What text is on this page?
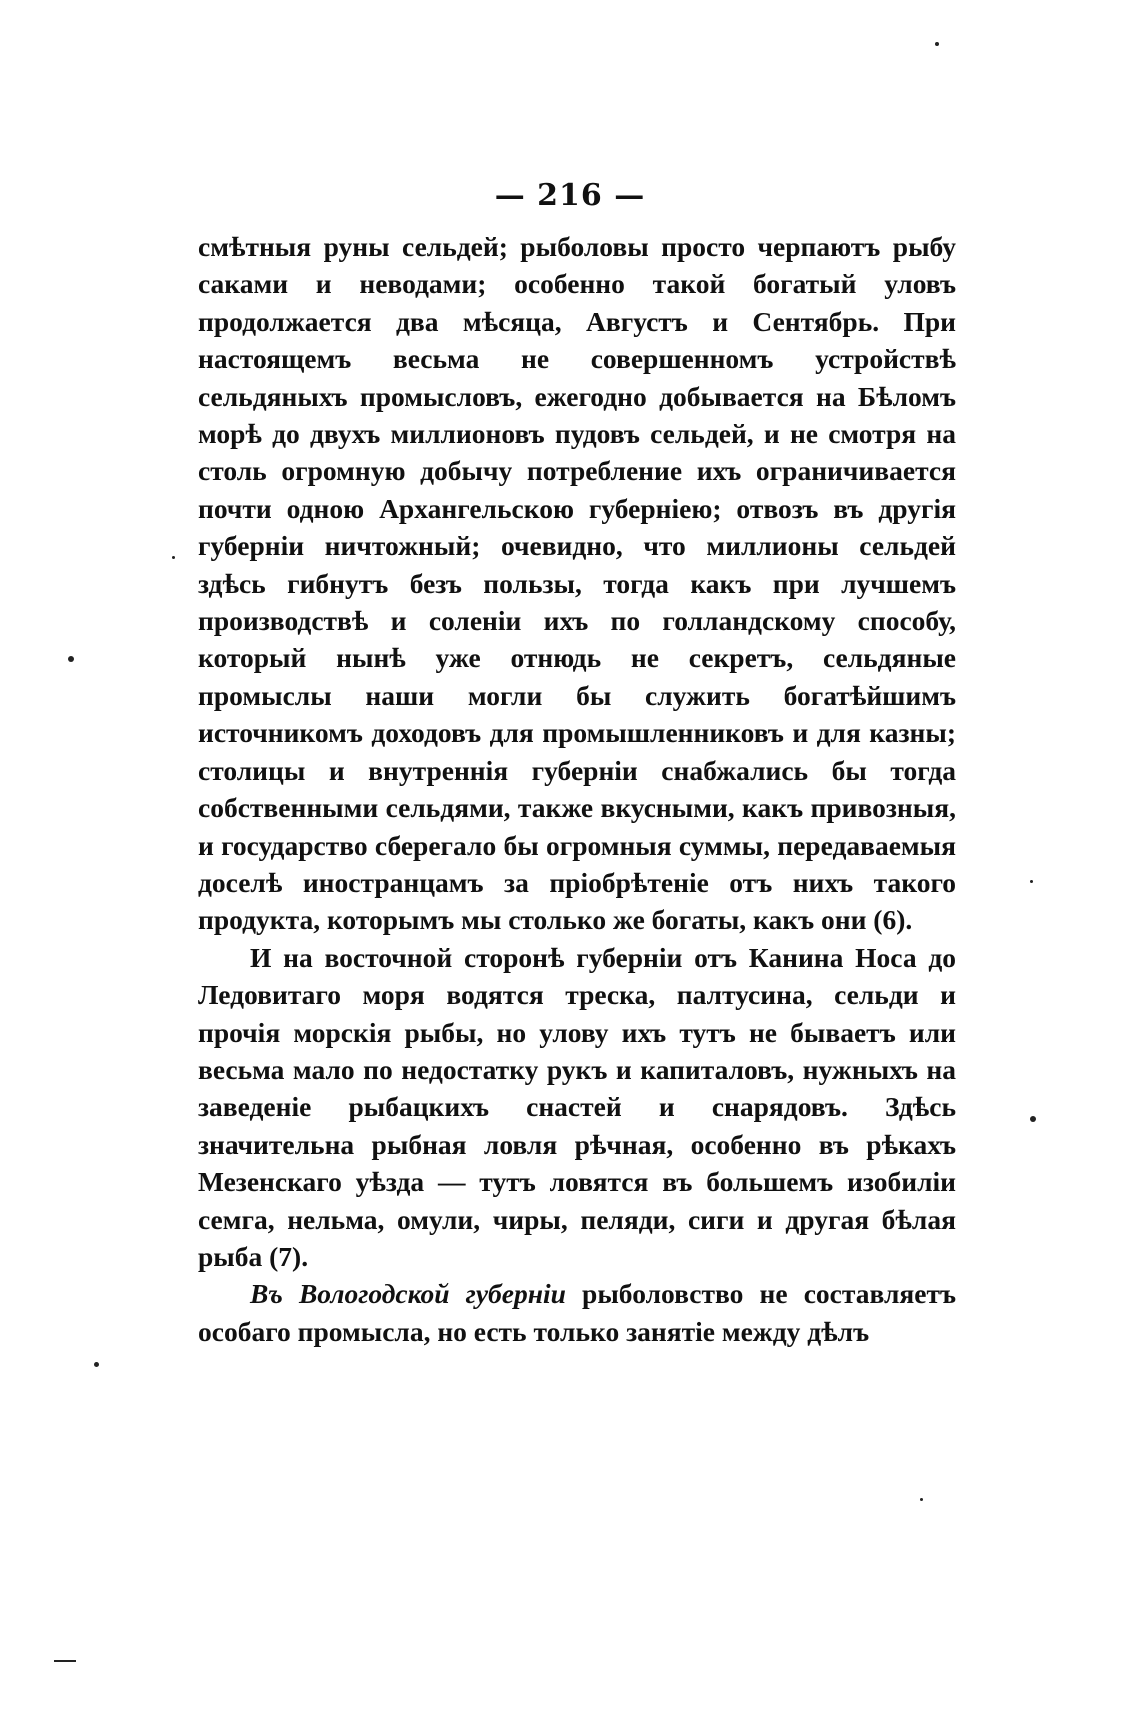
— 216 —

смѣтныя руны сельдей; рыболовы просто черпаютъ рыбу саками и неводами; особенно такой богатый уловъ продолжается два мѣсяца, Августъ и Сентябрь. При настоящемъ весьма не совершенномъ устройствѣ сельдяныхъ промысловъ, ежегодно добывается на Бѣломъ морѣ до двухъ миллионовъ пудовъ сельдей, и не смотря на столь огромную добычу потребление ихъ ограничивается почти одною Архангельскою губерніею; отвозъ въ другія губерніи ничтожный; очевидно, что миллионы сельдей здѣсь гибнутъ безъ пользы, тогда какъ при лучшемъ производствѣ и соленіи ихъ по голландскому способу, который нынѣ уже отнюдь не секретъ, сельдяные промыслы наши могли бы служить богатѣйшимъ источникомъ доходовъ для промышленниковъ и для казны; столицы и внутреннія губерніи снабжались бы тогда собственными сельдями, также вкусными, какъ привозныя, и государство сберегало бы огромныя суммы, передаваемыя доселѣ иностранцамъ за пріобрѣтеніе отъ нихъ такого продукта, которымъ мы столько же богаты, какъ они (6).

И на восточной сторонѣ губерніи отъ Канина Носа до Ледовитаго моря водятся треска, палтусина, сельди и прочія морскія рыбы, но улову ихъ тутъ не бываетъ или весьма мало по недостатку рукъ и капиталовъ, нужныхъ на заведеніе рыбацкихъ снастей и снарядовъ. Здѣсь значительна рыбная ловля рѣчная, особенно въ рѣкахъ Мезенскаго уѣзда — тутъ ловятся въ большемъ изобиліи семга, нельма, омули, чиры, пеляди, сиги и другая бѣлая рыба (7).

Въ Вологодской губерніи рыболовство не составляетъ особаго промысла, но есть только занятіе между дѣлъ
